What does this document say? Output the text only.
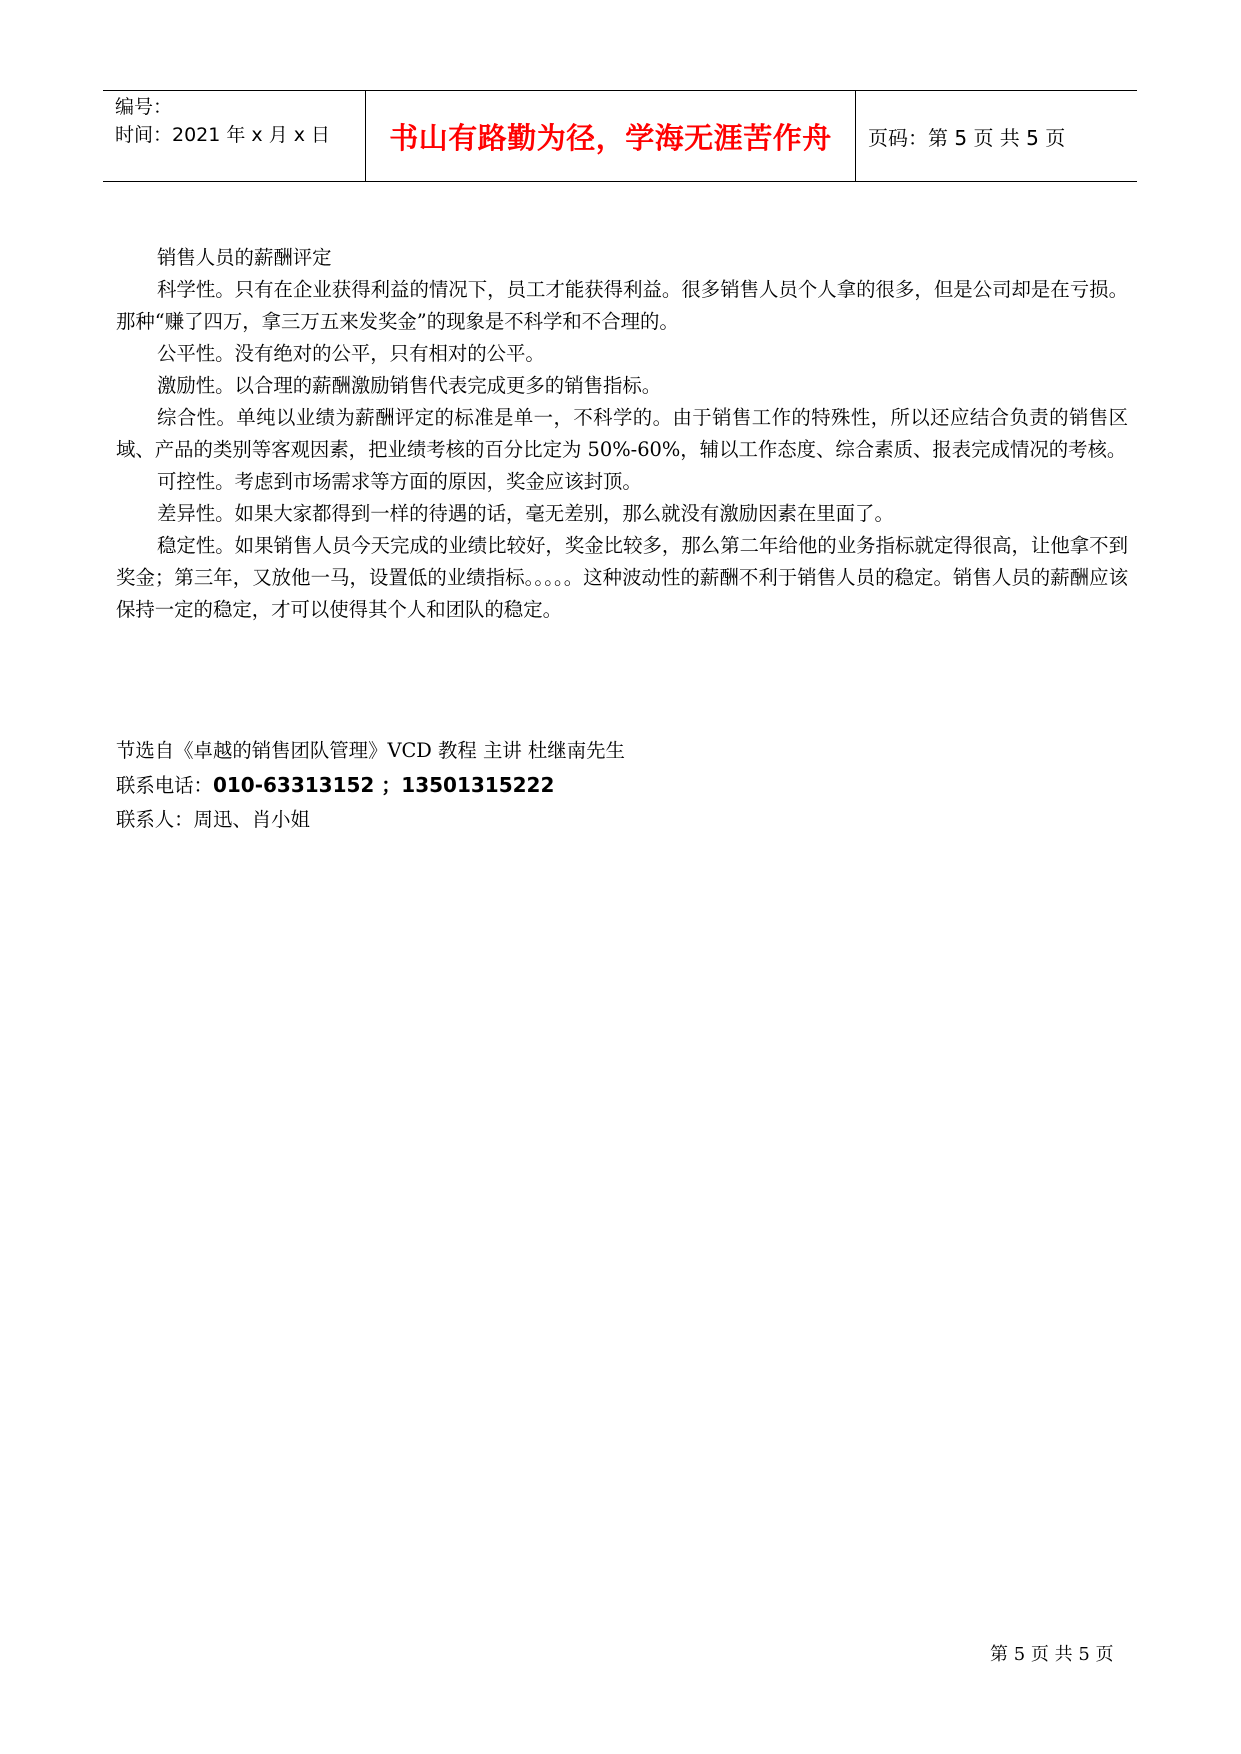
编号：
时间：2021 年 x 月 x 日	书山有路勤为径，学海无涯苦作舟	页码：第 5 页 共 5 页

销售人员的薪酬评定

科学性。只有在企业获得利益的情况下，员工才能获得利益。很多销售人员个人拿的很多，但是公司却是在亏损。那种“赚了四万，拿三万五来发奖金”的现象是不科学和不合理的。

公平性。没有绝对的公平，只有相对的公平。

激励性。以合理的薪酬激励销售代表完成更多的销售指标。

综合性。单纯以业绩为薪酬评定的标准是单一，不科学的。由于销售工作的特殊性，所以还应结合负责的销售区域、产品的类别等客观因素，把业绩考核的百分比定为 50%-60%，辅以工作态度、综合素质、报表完成情况的考核。

可控性。考虑到市场需求等方面的原因，奖金应该封顶。

差异性。如果大家都得到一样的待遇的话，毫无差别，那么就没有激励因素在里面了。

稳定性。如果销售人员今天完成的业绩比较好，奖金比较多，那么第二年给他的业务指标就定得很高，让他拿不到奖金；第三年，又放他一马，设置低的业绩指标。。。。。这种波动性的薪酬不利于销售人员的稳定。销售人员的薪酬应该保持一定的稳定，才可以使得其个人和团队的稳定。

节选自《卓越的销售团队管理》VCD 教程 主讲 杜继南先生

联系电话：010-63313152 ；13501315222

联系人：周迅、肖小姐

第 5 页 共 5 页
